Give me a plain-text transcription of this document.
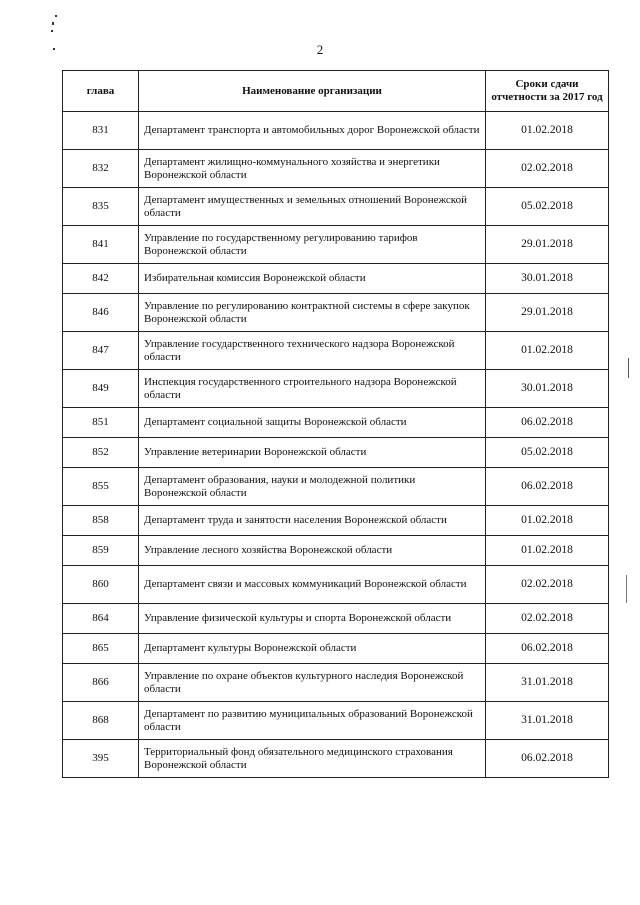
2
глава	Наименование организации	Сроки сдачи отчетности за 2017 год
831	Департамент транспорта и автомобильных дорог Воронежской области	01.02.2018
832	Департамент жилищно-коммунального хозяйства и энергетики Воронежской области	02.02.2018
835	Департамент имущественных и земельных отношений Воронежской области	05.02.2018
841	Управление по государственному регулированию тарифов Воронежской области	29.01.2018
842	Избирательная комиссия Воронежской области	30.01.2018
846	Управление по регулированию контрактной системы в сфере закупок Воронежской области	29.01.2018
847	Управление государственного технического надзора Воронежской области	01.02.2018
849	Инспекция государственного строительного надзора Воронежской области	30.01.2018
851	Департамент социальной защиты Воронежской области	06.02.2018
852	Управление ветеринарии Воронежской области	05.02.2018
855	Департамент образования, науки и молодежной политики Воронежской области	06.02.2018
858	Департамент труда и занятости населения Воронежской области	01.02.2018
859	Управление лесного хозяйства Воронежской области	01.02.2018
860	Департамент связи и массовых коммуникаций Воронежской области	02.02.2018
864	Управление физической культуры и спорта Воронежской области	02.02.2018
865	Департамент культуры Воронежской области	06.02.2018
866	Управление по охране объектов культурного наследия Воронежской области	31.01.2018
868	Департамент по развитию муниципальных образований Воронежской области	31.01.2018
395	Территориальный фонд обязательного медицинского страхования Воронежской области	06.02.2018
